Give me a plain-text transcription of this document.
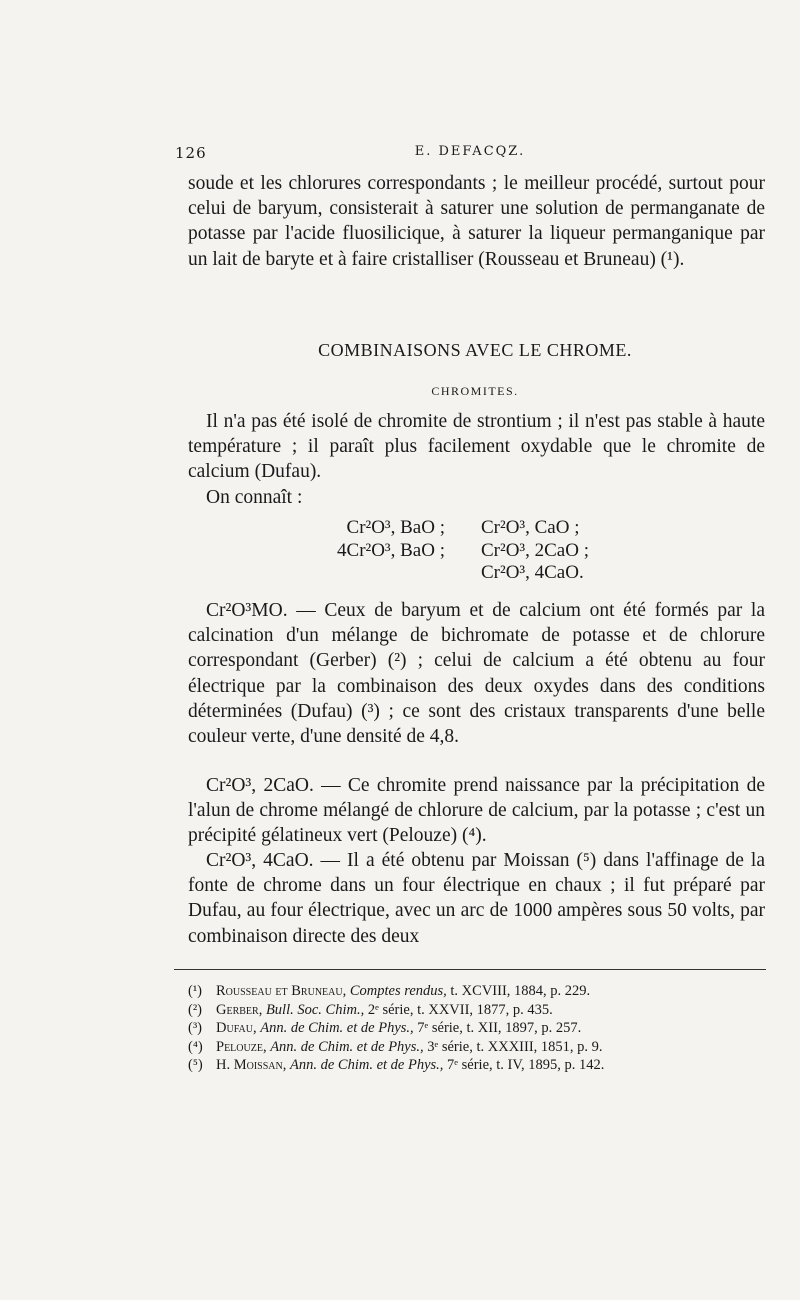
126	E. DEFACQZ.

soude et les chlorures correspondants ; le meilleur procédé, surtout pour celui de baryum, consisterait à saturer une solution de permanganate de potasse par l'acide fluosilicique, à saturer la liqueur permanganique par un lait de baryte et à faire cristalliser (Rousseau et Bruneau) (¹).

COMBINAISONS AVEC LE CHROME.
CHROMITES.

Il n'a pas été isolé de chromite de strontium ; il n'est pas stable à haute température ; il paraît plus facilement oxydable que le chromite de calcium (Dufau).

On connaît :

Cr²O³, BaO ; Cr²O³, CaO ;
4Cr²O³, BaO ; Cr²O³, 2CaO ;
Cr²O³, 4CaO.

Cr²O³MO. — Ceux de baryum et de calcium ont été formés par la calcination d'un mélange de bichromate de potasse et de chlorure correspondant (Gerber) (²) ; celui de calcium a été obtenu au four électrique par la combinaison des deux oxydes dans des conditions déterminées (Dufau) (³) ; ce sont des cristaux transparents d'une belle couleur verte, d'une densité de 4,8.

Cr²O³, 2CaO. — Ce chromite prend naissance par la précipitation de l'alun de chrome mélangé de chlorure de calcium, par la potasse ; c'est un précipité gélatineux vert (Pelouze) (⁴).

Cr²O³, 4CaO. — Il a été obtenu par Moissan (⁵) dans l'affinage de la fonte de chrome dans un four électrique en chaux ; il fut préparé par Dufau, au four électrique, avec un arc de 1000 ampères sous 50 volts, par combinaison directe des deux

(¹) Rousseau et Bruneau, Comptes rendus, t. XCVIII, 1884, p. 229.
(²) Gerber, Bull. Soc. Chim., 2ᵉ série, t. XXVII, 1877, p. 435.
(³) Dufau, Ann. de Chim. et de Phys., 7ᵉ série, t. XII, 1897, p. 257.
(⁴) Pelouze, Ann. de Chim. et de Phys., 3ᵉ série, t. XXXIII, 1851, p. 9.
(⁵) H. Moissan, Ann. de Chim. et de Phys., 7ᵉ série, t. IV, 1895, p. 142.
